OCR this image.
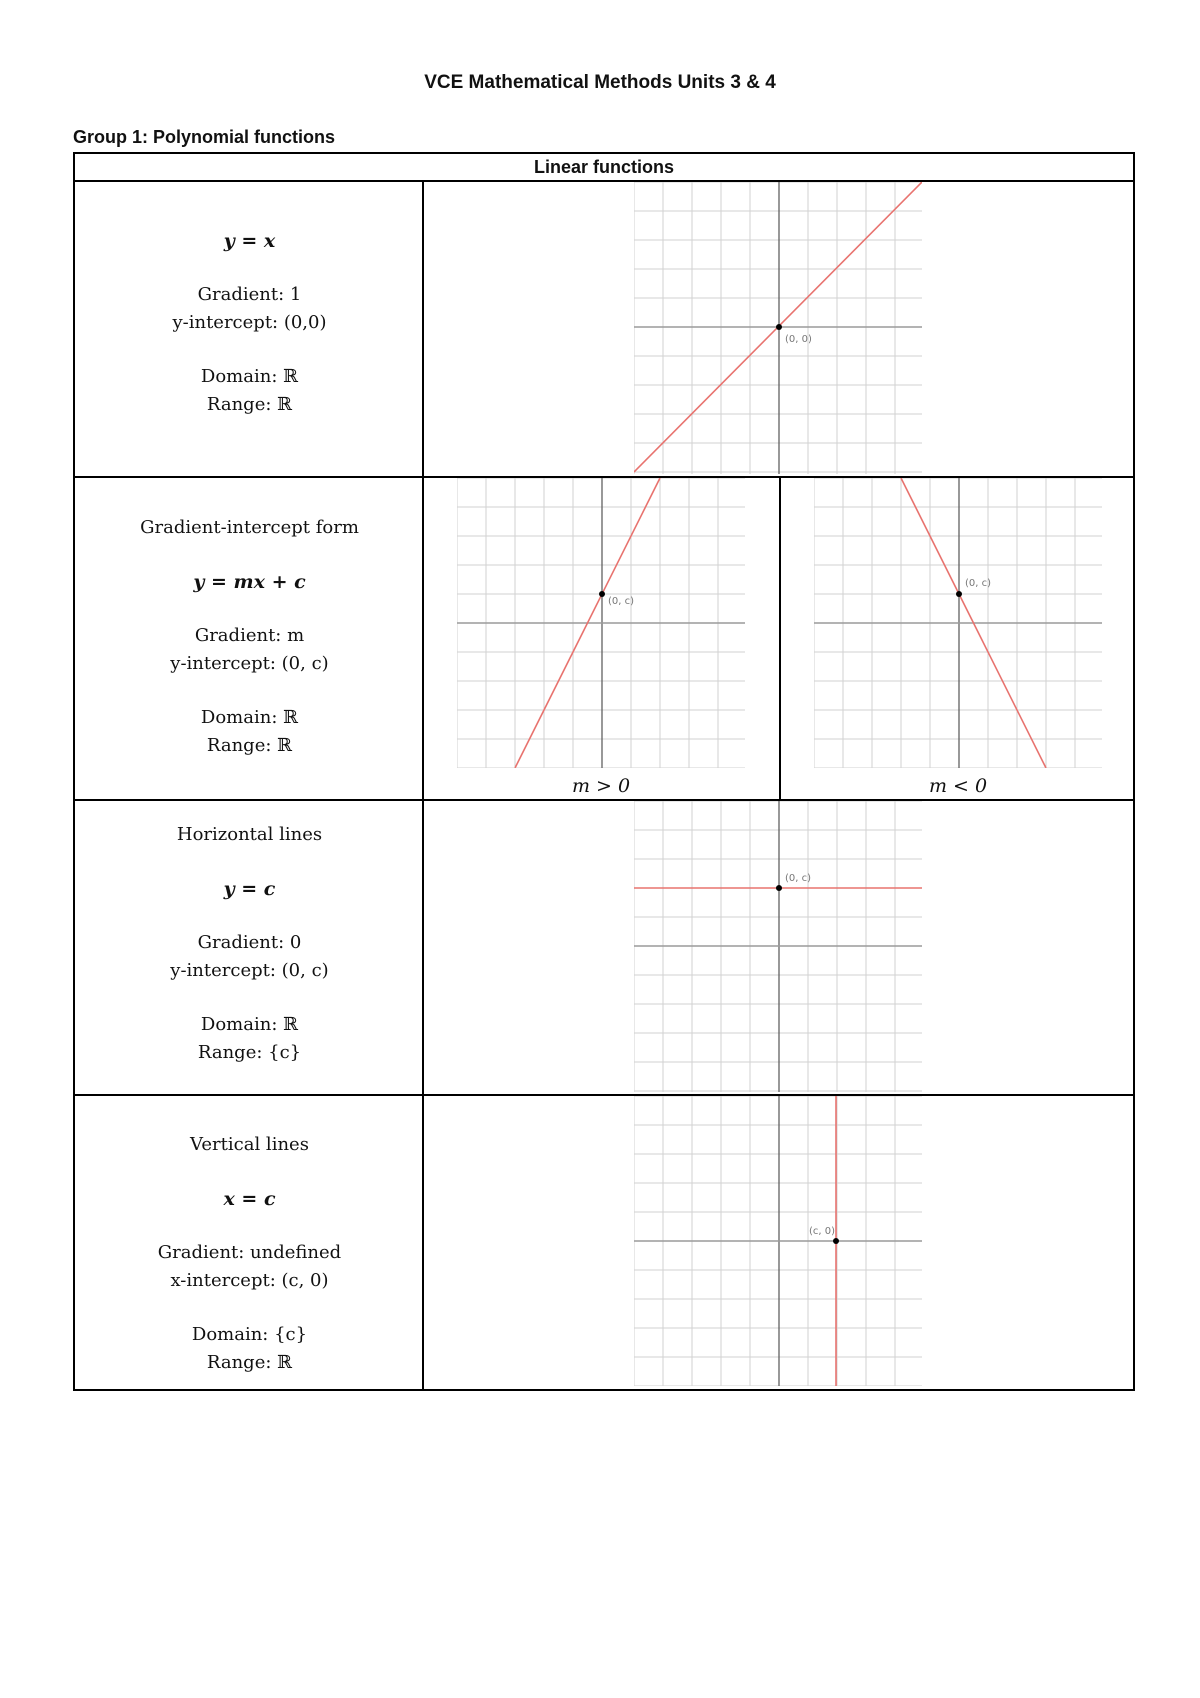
VCE Mathematical Methods Units 3 & 4
Group 1: Polynomial functions
Linear functions
y = x
Gradient: 1
y-intercept: (0,0)
Domain: ℝ
Range: ℝ
(0, 0)
Gradient-intercept form
y = mx + c
Gradient: m
y-intercept: (0, c)
Domain: ℝ
Range: ℝ
(0, c)
m > 0
(0, c)
m < 0
Horizontal lines
y = c
Gradient: 0
y-intercept: (0, c)
Domain: ℝ
Range: {c}
(0, c)
Vertical lines
x = c
Gradient: undefined
x-intercept: (c, 0)
Domain: {c}
Range: ℝ
(c, 0)
